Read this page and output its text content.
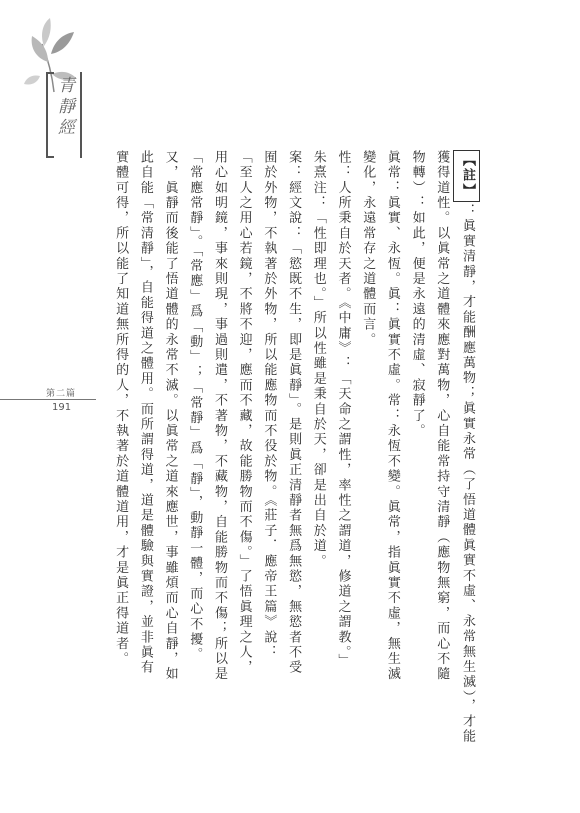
青靜經

【註】：眞實清靜，才能酬應萬物；眞實永常（了悟道體眞實不虛、永常無生滅），才能

獲得道性。以眞常之道體來應對萬物，心自能常持守清靜（應物無窮，而心不隨

物轉）：如此，便是永遠的清虛、寂靜了。

眞常：眞實、永恆。眞：眞實不虛。常：永恆不變。眞常，指眞實不虛，無生滅

變化，永遠常存之道體而言。

性：人所秉自於天者。《中庸》：「天命之謂性，率性之謂道，修道之謂教。」

朱熹注：「性即理也。」所以性雖是秉自於天，卻是出自於道。

案：經文說：「慾既不生，即是眞靜」。是則眞正清靜者無爲無慾，無慾者不受

囿於外物，不執著於外物，所以能應物而不役於物。《莊子．應帝王篇》說：

「至人之用心若鏡，不將不迎，應而不藏，故能勝物而不傷。」了悟眞理之人，

用心如明鏡，事來則現，事過則遣，不著物，不藏物，自能勝物而不傷；所以是

「常應常靜」。「常應」爲「動」；「常靜」爲「靜」，動靜一體，而心不擾。

又，眞靜而後能了悟道體的永常不滅。以眞常之道來應世，事雖煩而心自靜，如

此自能「常清靜」，自能得道之體用。而所謂得道，道是體驗與實證，並非眞有

實體可得，所以能了知道無所得的人，不執著於道體道用，才是眞正得道者。

第二篇
191
